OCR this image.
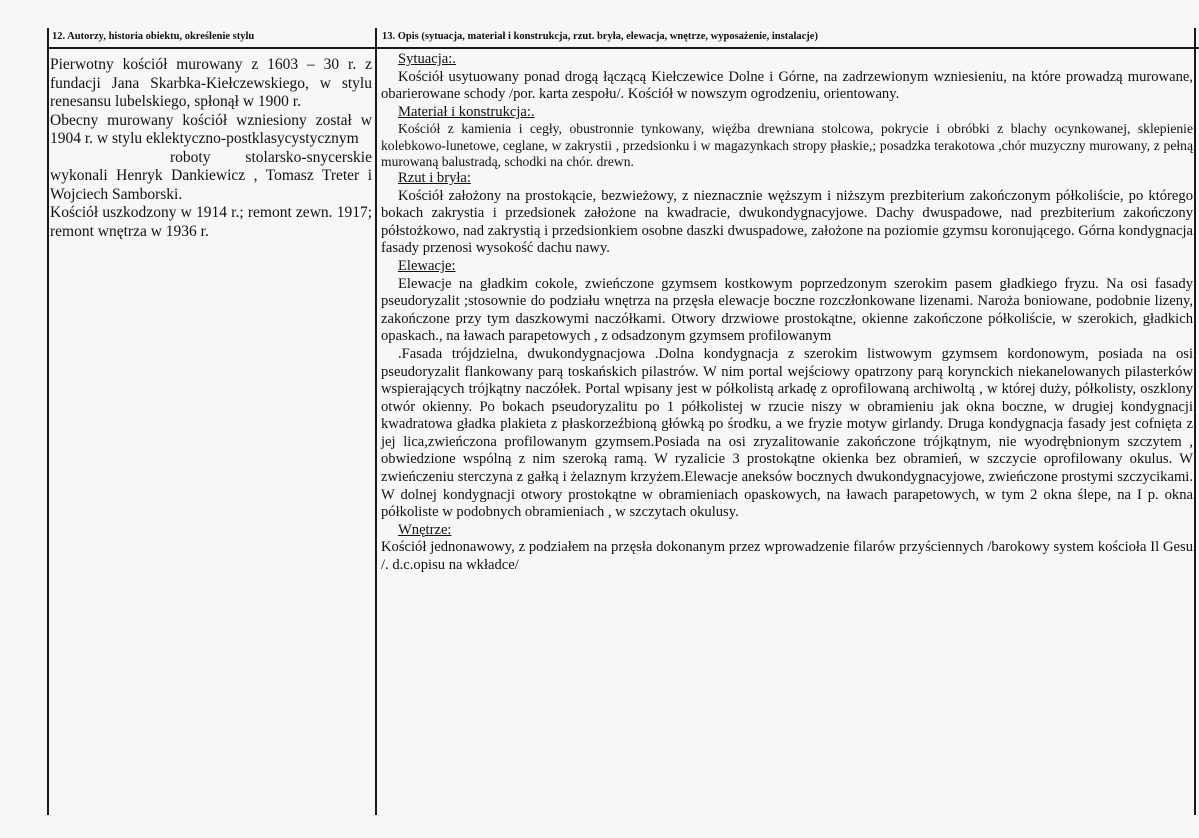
12. Autorzy, historia obiektu, określenie stylu	13. Opis (sytuacja, materiał i konstrukcja, rzut. bryła, elewacja, wnętrze, wyposażenie, instalacje)

Pierwotny kościół murowany z 1603 – 30 r. z fundacji Jana Skarbka-Kiełczewskiego, w stylu renesansu lubelskiego, spłonął w 1900 r.

Obecny murowany kościół wzniesiony został w 1904 r. w stylu eklektyczno-postklasycystycznym

roboty stolarsko-snycerskie wykonali Henryk Dankiewicz , Tomasz Treter i Wojciech Samborski.

Kościół uszkodzony w 1914 r.; remont zewn. 1917; remont wnętrza w 1936 r.

Sytuacja:.

Kościół usytuowany ponad drogą łączącą Kiełczewice Dolne i Górne, na zadrzewionym wzniesieniu, na które prowadzą murowane, obarierowane schody /por. karta zespołu/. Kościół w nowszym ogrodzeniu, orientowany.

Materiał i konstrukcja:.

Kościół z kamienia i cegły, obustronnie tynkowany, więźba drewniana stolcowa, pokrycie i obróbki z blachy ocynkowanej, sklepienie kolebkowo-lunetowe, ceglane, w zakrystii , przedsionku i w magazynkach stropy płaskie,; posadzka terakotowa ,chór muzyczny murowany, z pełną murowaną balustradą, schodki na chór. drewn.

Rzut i bryła:

Kościół założony na prostokącie, bezwieżowy, z nieznacznie węższym i niższym prezbiterium zakończonym półkoliście, po którego bokach zakrystia i przedsionek założone na kwadracie, dwukondygnacyjowe. Dachy dwuspadowe, nad prezbiterium zakończony półstożkowo, nad zakrystią i przedsionkiem osobne daszki dwuspadowe, założone na poziomie gzymsu koronującego. Górna kondygnacja fasady przenosi wysokość dachu nawy.

Elewacje:

Elewacje na gładkim cokole, zwieńczone gzymsem kostkowym poprzedzonym szerokim pasem gładkiego fryzu. Na osi fasady pseudoryzalit ;stosownie do podziału wnętrza na przęsła elewacje boczne rozczłonkowane lizenami. Naroża boniowane, podobnie lizeny, zakończone przy tym daszkowymi naczółkami. Otwory drzwiowe prostokątne, okienne zakończone półkoliście, w szerokich, gładkich opaskach., na ławach parapetowych , z odsadzonym gzymsem profilowanym

.Fasada trójdzielna, dwukondygnacjowa .Dolna kondygnacja z szerokim listwowym gzymsem kordonowym, posiada na osi pseudoryzalit flankowany parą toskańskich pilastrów. W nim portal wejściowy opatrzony parą korynckich niekanelowanych pilasterków wspierających trójkątny naczółek. Portal wpisany jest w półkolistą arkadę z oprofilowaną archiwoltą , w której duży, półkolisty, oszklony otwór okienny. Po bokach pseudoryzalitu po 1 półkolistej w rzucie niszy w obramieniu jak okna boczne, w drugiej kondygnacji kwadratowa gładka plakieta z płaskorzeźbioną główką po środku, a we fryzie motyw girlandy. Druga kondygnacja fasady jest cofnięta z jej lica,zwieńczona profilowanym gzymsem.Posiada na osi zryzalitowanie zakończone trójkątnym, nie wyodrębnionym szczytem , obwiedzione wspólną z nim szeroką ramą. W ryzalicie 3 prostokątne okienka bez obramień, w szczycie oprofilowany okulus. W zwieńczeniu sterczyna z gałką i żelaznym krzyżem.Elewacje aneksów bocznych dwukondygnacyjowe, zwieńczone prostymi szczycikami. W dolnej kondygnacji otwory prostokątne w obramieniach opaskowych, na ławach parapetowych, w tym 2 okna ślepe, na I p. okna półkoliste w podobnych obramieniach , w szczytach okulusy.

Wnętrze:

Kościół jednonawowy, z podziałem na przęsła dokonanym przez wprowadzenie filarów przyściennych /barokowy system kościoła Il Gesu /. d.c.opisu na wkładce/
